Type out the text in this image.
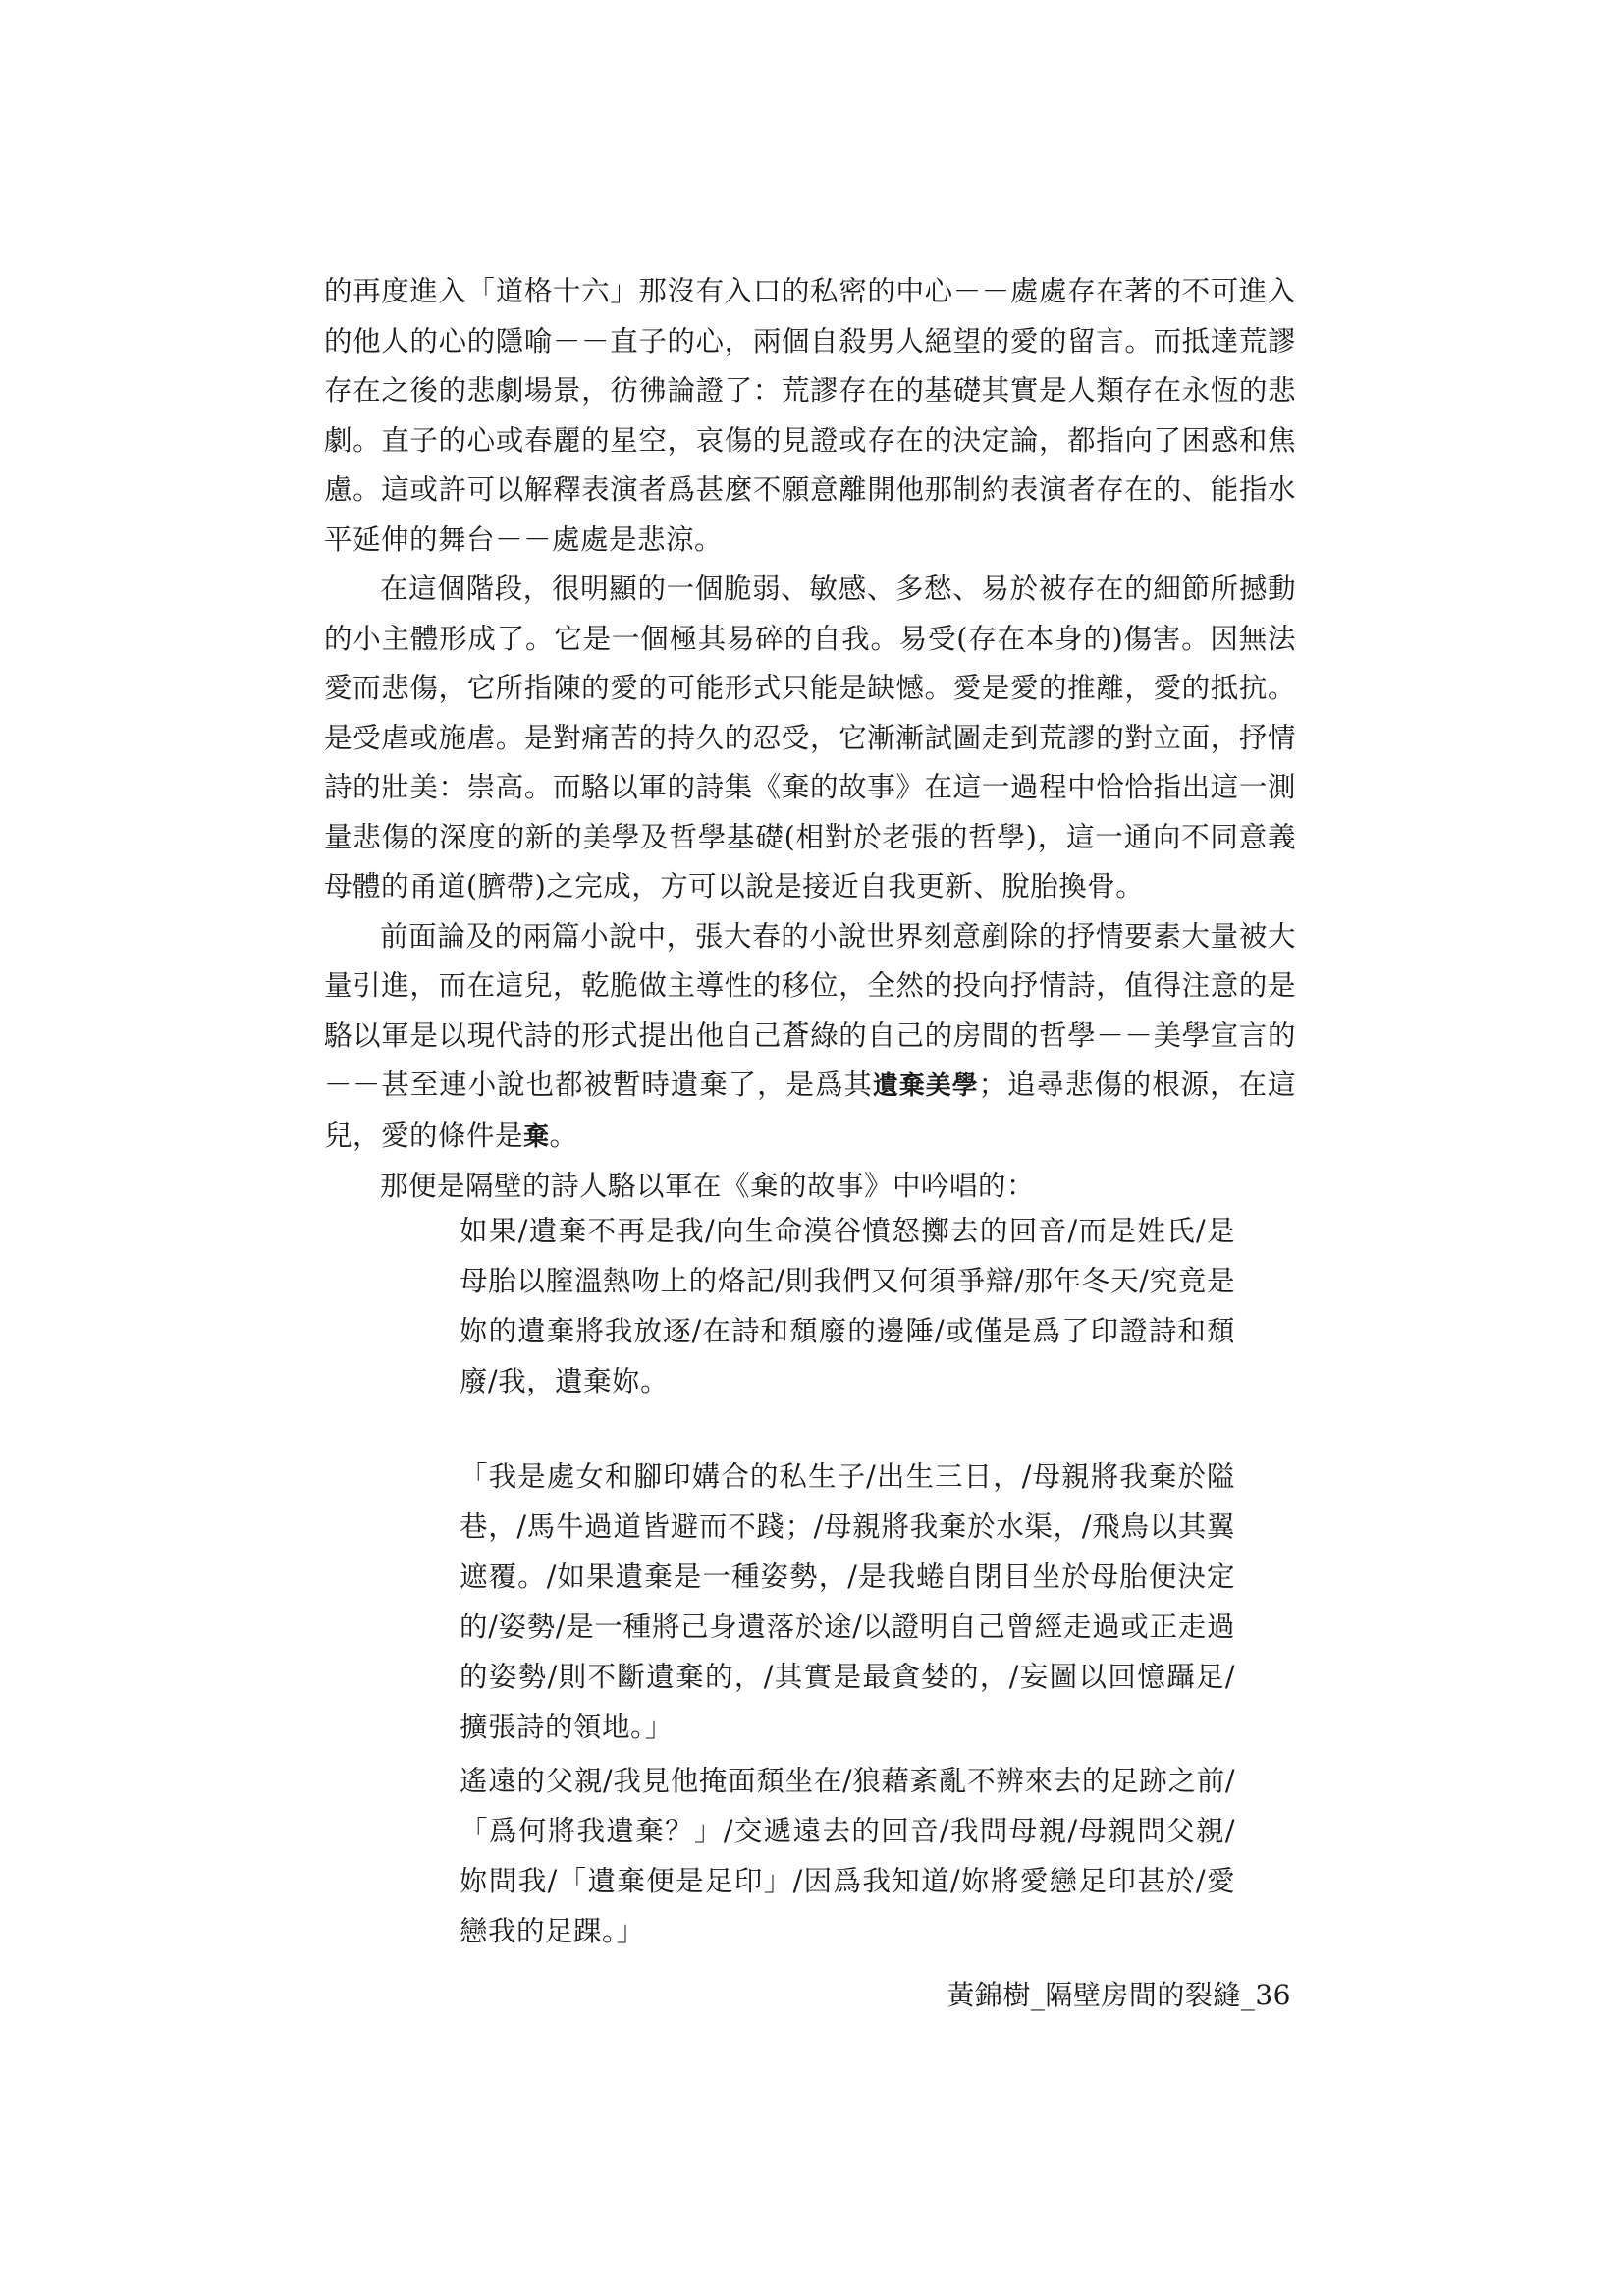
的再度進入「道格十六」那沒有入口的私密的中心－－處處存在著的不可進入的他人的心的隱喻－－直子的心，兩個自殺男人絕望的愛的留言。而抵達荒謬存在之後的悲劇場景，彷彿論證了：荒謬存在的基礎其實是人類存在永恆的悲劇。直子的心或春麗的星空，哀傷的見證或存在的決定論，都指向了困惑和焦慮。這或許可以解釋表演者爲甚麼不願意離開他那制約表演者存在的、能指水平延伸的舞台－－處處是悲涼。

在這個階段，很明顯的一個脆弱、敏感、多愁、易於被存在的細節所撼動的小主體形成了。它是一個極其易碎的自我。易受(存在本身的)傷害。因無法愛而悲傷，它所指陳的愛的可能形式只能是缺憾。愛是愛的推離，愛的抵抗。是受虐或施虐。是對痛苦的持久的忍受，它漸漸試圖走到荒謬的對立面，抒情詩的壯美：崇高。而駱以軍的詩集《棄的故事》在這一過程中恰恰指出這一測量悲傷的深度的新的美學及哲學基礎(相對於老張的哲學)，這一通向不同意義母體的甬道(臍帶)之完成，方可以說是接近自我更新、脫胎換骨。

前面論及的兩篇小說中，張大春的小說世界刻意剷除的抒情要素大量被大量引進，而在這兒，乾脆做主導性的移位，全然的投向抒情詩，值得注意的是駱以軍是以現代詩的形式提出他自己蒼綠的自己的房間的哲學－－美學宣言的－－甚至連小說也都被暫時遺棄了，是爲其遺棄美學；追尋悲傷的根源，在這兒，愛的條件是棄。

那便是隔壁的詩人駱以軍在《棄的故事》中吟唱的：

如果/遺棄不再是我/向生命漠谷憤怒擲去的回音/而是姓氏/是母胎以膣溫熱吻上的烙記/則我們又何須爭辯/那年冬天/究竟是妳的遺棄將我放逐/在詩和頹廢的邊陲/或僅是爲了印證詩和頹廢/我，遺棄妳。

「我是處女和腳印媾合的私生子/出生三日，/母親將我棄於隘巷，/馬牛過道皆避而不踐；/母親將我棄於水渠，/飛鳥以其翼遮覆。/如果遺棄是一種姿勢，/是我蜷自閉目坐於母胎便決定的/姿勢/是一種將己身遺落於途/以證明自己曾經走過或正走過的姿勢/則不斷遺棄的，/其實是最貪婪的，/妄圖以回憶躡足/擴張詩的領地。」

遙遠的父親/我見他掩面頹坐在/狼藉紊亂不辨來去的足跡之前/「爲何將我遺棄？」/交遞遠去的回音/我問母親/母親問父親/妳問我/「遺棄便是足印」/因爲我知道/妳將愛戀足印甚於/愛戀我的足踝。」

黃錦樹_隔壁房間的裂縫_36
